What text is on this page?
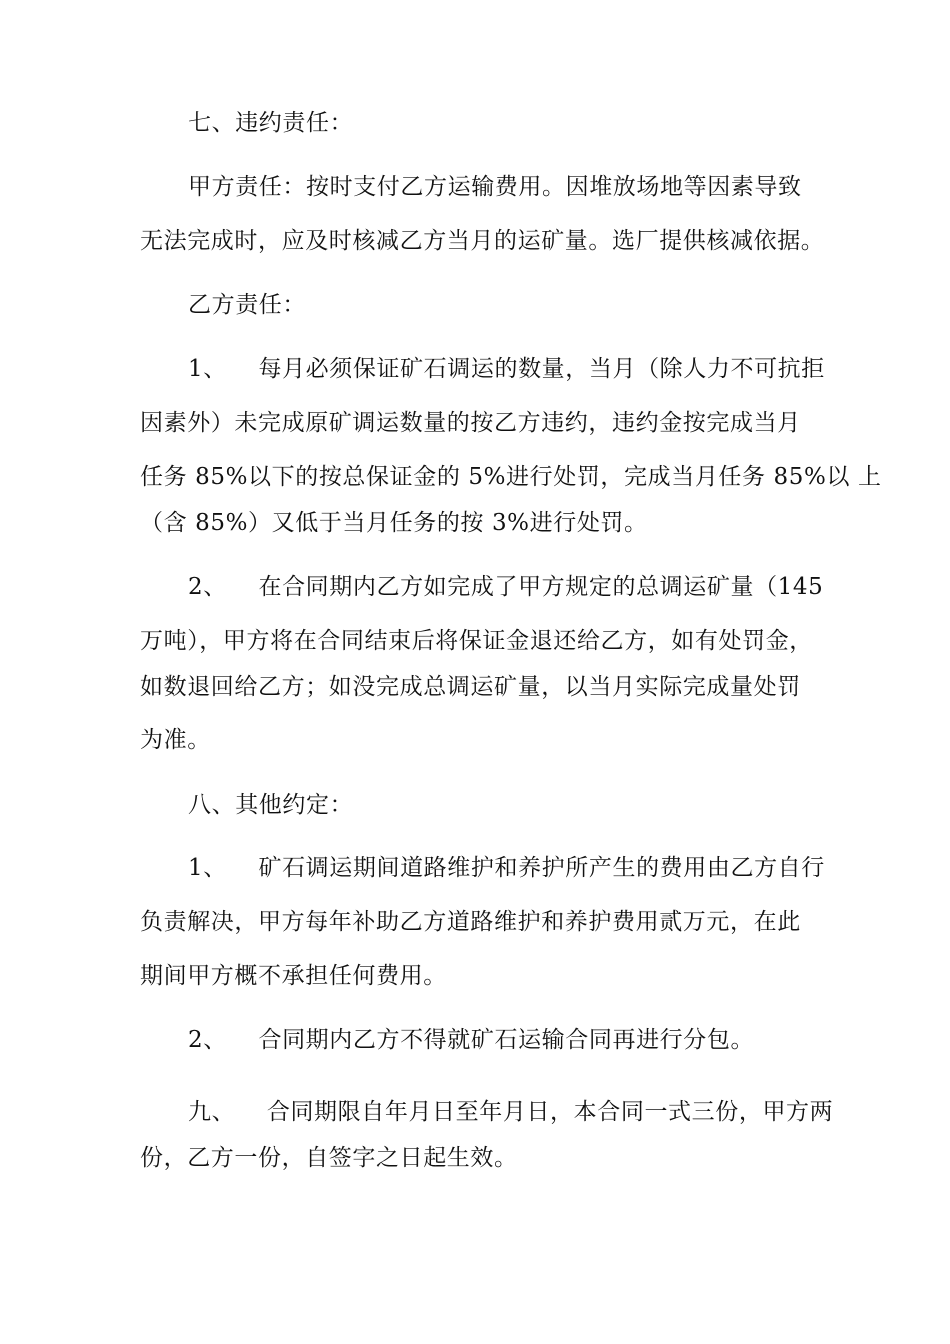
七、违约责任：
甲方责任：按时支付乙方运输费用。因堆放场地等因素导致
无法完成时，应及时核减乙方当月的运矿量。选厂提供核减依据。
乙方责任：
1、    每月必须保证矿石调运的数量，当月（除人力不可抗拒
因素外）未完成原矿调运数量的按乙方违约，违约金按完成当月
任务 85%以下的按总保证金的 5%进行处罚，完成当月任务 85%以 上
（含 85%）又低于当月任务的按 3%进行处罚。
2、    在合同期内乙方如完成了甲方规定的总调运矿量（145
万吨），甲方将在合同结束后将保证金退还给乙方，如有处罚金，
如数退回给乙方；如没完成总调运矿量，以当月实际完成量处罚
为准。
八、其他约定：
1、    矿石调运期间道路维护和养护所产生的费用由乙方自行
负责解决，甲方每年补助乙方道路维护和养护费用贰万元，在此
期间甲方概不承担任何费用。
2、    合同期内乙方不得就矿石运输合同再进行分包。
九、    合同期限自年月日至年月日，本合同一式三份，甲方两
份，乙方一份，自签字之日起生效。
